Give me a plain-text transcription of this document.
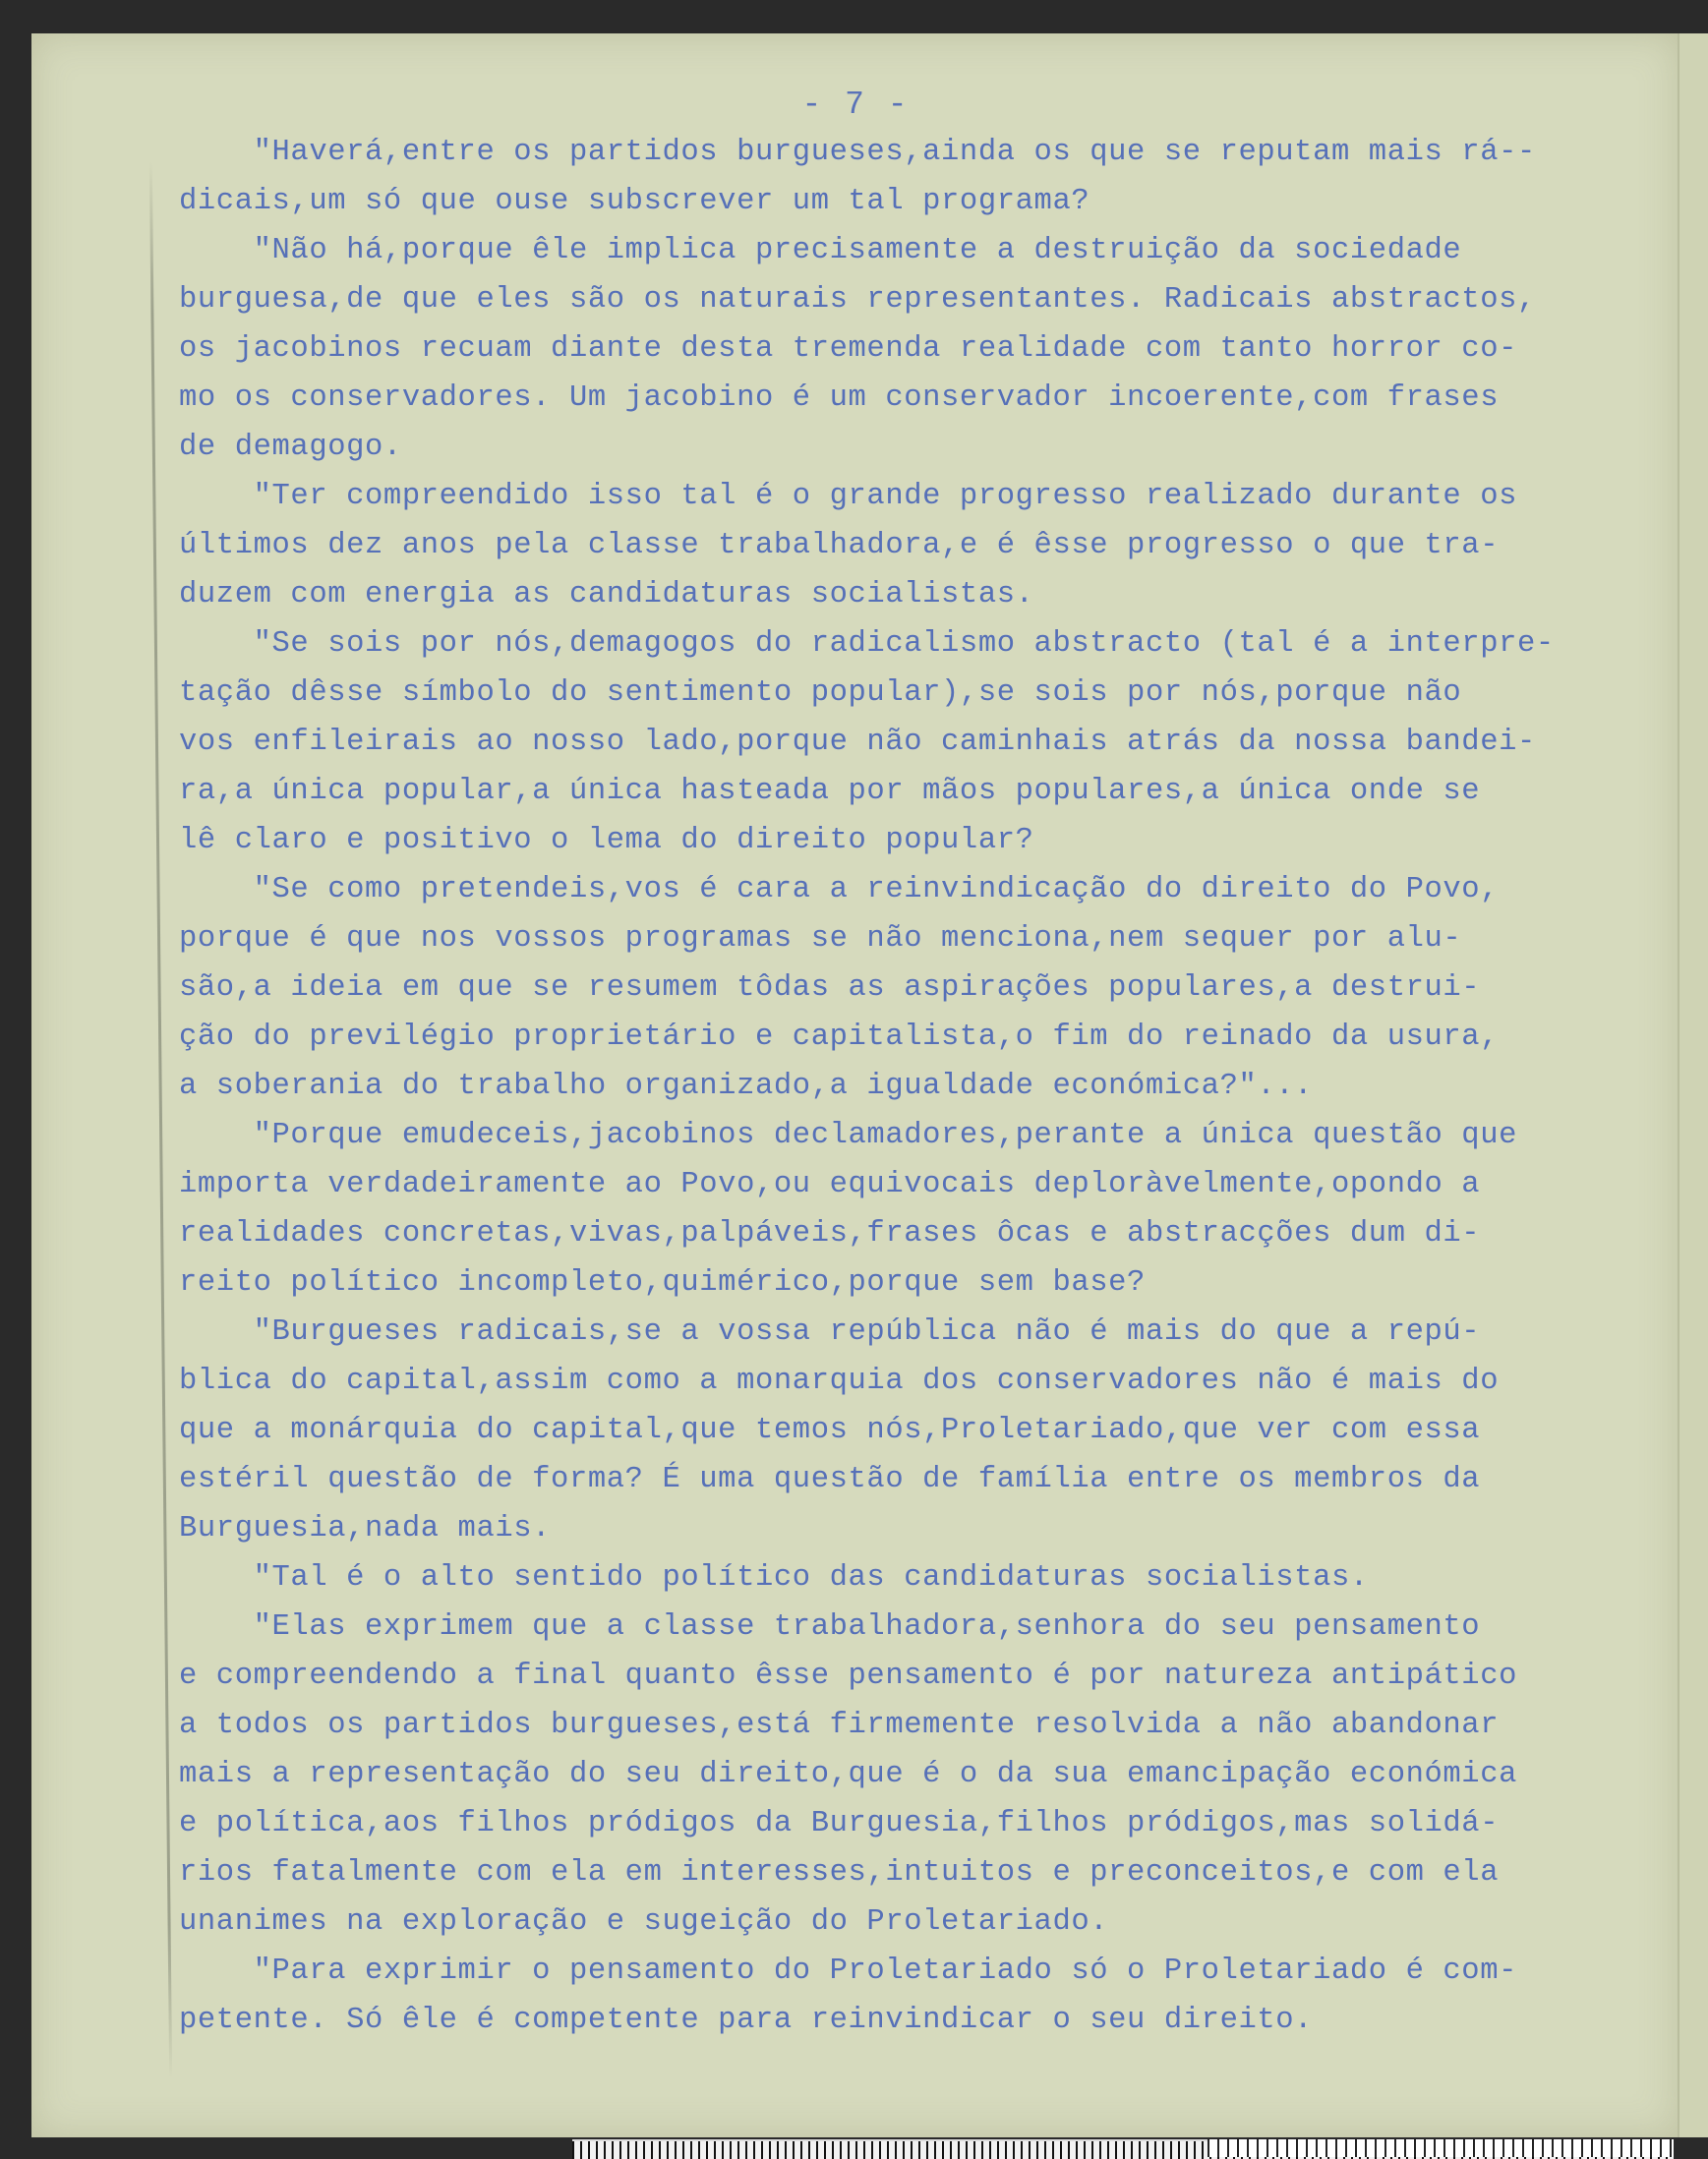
- 7 -
"Haverá,entre os partidos burgueses,ainda os que se reputam mais rá--
dicais,um só que ouse subscrever um tal programa?
"Não há,porque êle implica precisamente a destruição da sociedade
burguesa,de que eles são os naturais representantes. Radicais abstractos,
os jacobinos recuam diante desta tremenda realidade com tanto horror co-
mo os conservadores. Um jacobino é um conservador incoerente,com frases
de demagogo.
"Ter compreendido isso tal é o grande progresso realizado durante os
últimos dez anos pela classe trabalhadora,e é êsse progresso o que tra-
duzem com energia as candidaturas socialistas.
"Se sois por nós,demagogos do radicalismo abstracto (tal é a interpre-
tação dêsse símbolo do sentimento popular),se sois por nós,porque não
vos enfileirais ao nosso lado,porque não caminhais atrás da nossa bandei-
ra,a única popular,a única hasteada por mãos populares,a única onde se
lê claro e positivo o lema do direito popular?
"Se como pretendeis,vos é cara a reinvindicação do direito do Povo,
porque é que nos vossos programas se não menciona,nem sequer por alu-
são,a ideia em que se resumem tôdas as aspirações populares,a destrui-
ção do previlégio proprietário e capitalista,o fim do reinado da usura,
a soberania do trabalho organizado,a igualdade económica?"...
"Porque emudeceis,jacobinos declamadores,perante a única questão que
importa verdadeiramente ao Povo,ou equivocais deploràvelmente,opondo a
realidades concretas,vivas,palpáveis,frases ôcas e abstracções dum di-
reito político incompleto,quimérico,porque sem base?
"Burgueses radicais,se a vossa república não é mais do que a repú-
blica do capital,assim como a monarquia dos conservadores não é mais do
que a monárquia do capital,que temos nós,Proletariado,que ver com essa
estéril questão de forma? É uma questão de família entre os membros da
Burguesia,nada mais.
"Tal é o alto sentido político das candidaturas socialistas.
"Elas exprimem que a classe trabalhadora,senhora do seu pensamento
e compreendendo a final quanto êsse pensamento é por natureza antipático
a todos os partidos burgueses,está firmemente resolvida a não abandonar
mais a representação do seu direito,que é o da sua emancipação económica
e política,aos filhos pródigos da Burguesia,filhos pródigos,mas solidá-
rios fatalmente com ela em interesses,intuitos e preconceitos,e com ela
unanimes na exploração e sugeição do Proletariado.
"Para exprimir o pensamento do Proletariado só o Proletariado é com-
petente. Só êle é competente para reinvindicar o seu direito.
